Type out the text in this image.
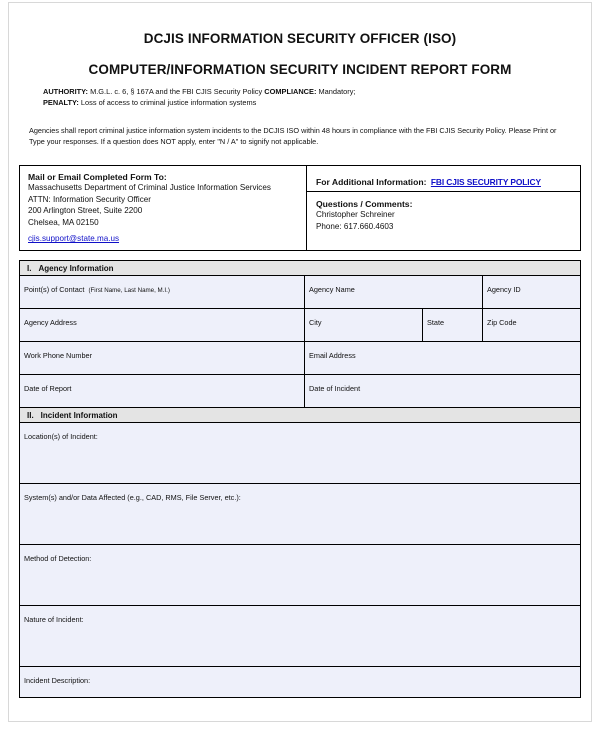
DCJIS INFORMATION SECURITY OFFICER (ISO)
COMPUTER/INFORMATION SECURITY INCIDENT REPORT FORM
AUTHORITY: M.G.L. c. 6, § 167A and the FBI CJIS Security Policy COMPLIANCE: Mandatory;
PENALTY: Loss of access to criminal justice information systems
Agencies shall report criminal justice information system incidents to the DCJIS ISO within 48 hours in compliance with the FBI CJIS Security Policy. Please Print or Type your responses. If a question does NOT apply, enter "N / A" to signify not applicable.
Mail or Email Completed Form To:
Massachusetts Department of Criminal Justice Information Services
ATTN: Information Security Officer
200 Arlington Street, Suite 2200
Chelsea, MA 02150
cjis.support@state.ma.us
For Additional Information: FBI CJIS SECURITY POLICY
Questions / Comments:
Christopher Schreiner
Phone: 617.660.4603
I. Agency Information
Point(s) of Contact (First Name, Last Name, M.I.)	Agency Name	Agency ID
Agency Address	City	State	Zip Code
Work Phone Number	Email Address
Date of Report	Date of Incident
II. Incident Information
Location(s) of Incident:
System(s) and/or Data Affected (e.g., CAD, RMS, File Server, etc.):
Method of Detection:
Nature of Incident:
Incident Description:
